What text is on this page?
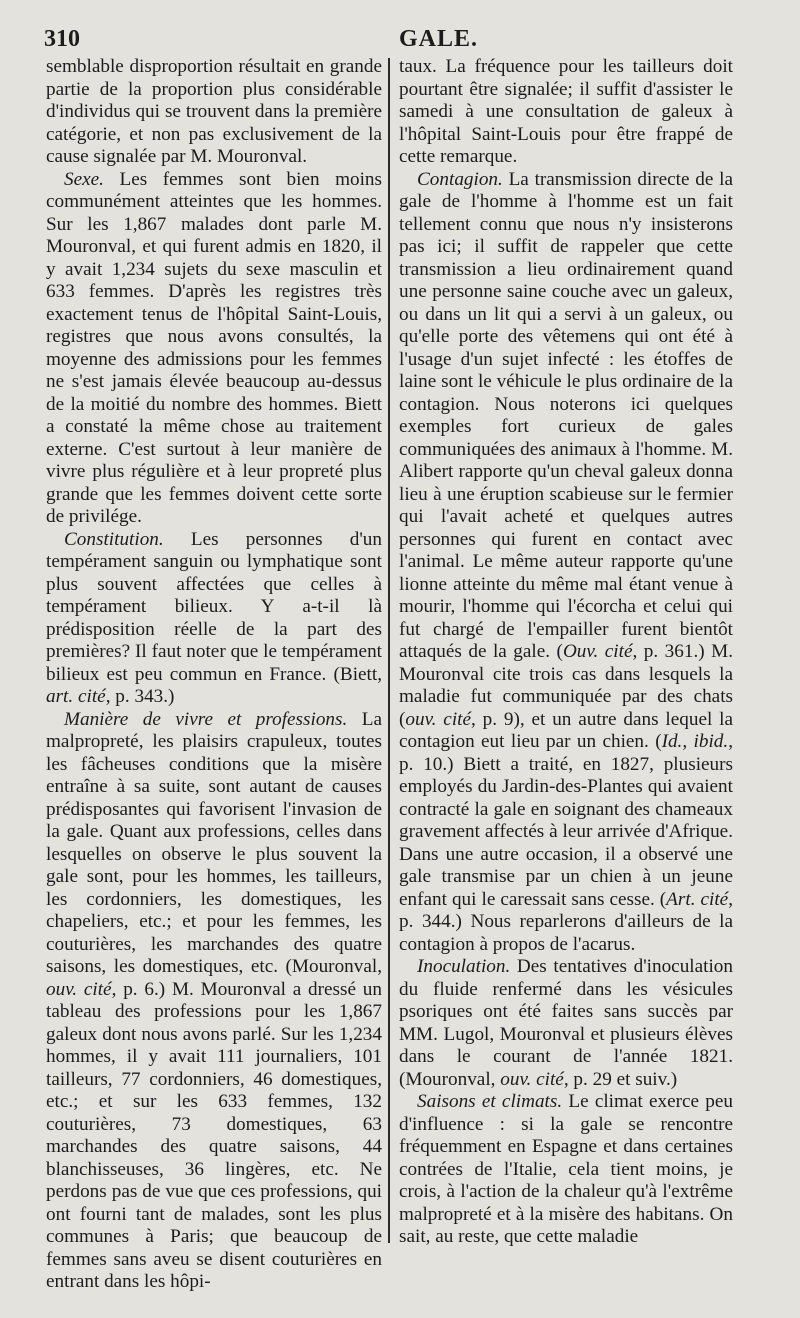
310	GALE.

semblable disproportion résultait en grande partie de la proportion plus considérable d'individus qui se trouvent dans la première catégorie, et non pas exclusivement de la cause signalée par M. Mouronval.

Sexe. Les femmes sont bien moins communément atteintes que les hommes. Sur les 1,867 malades dont parle M. Mouronval, et qui furent admis en 1820, il y avait 1,234 sujets du sexe masculin et 633 femmes. D'après les registres très exactement tenus de l'hôpital Saint-Louis, registres que nous avons consultés, la moyenne des admissions pour les femmes ne s'est jamais élevée beaucoup au-dessus de la moitié du nombre des hommes. Biett a constaté la même chose au traitement externe. C'est surtout à leur manière de vivre plus régulière et à leur propreté plus grande que les femmes doivent cette sorte de privilége.

Constitution. Les personnes d'un tempérament sanguin ou lymphatique sont plus souvent affectées que celles à tempérament bilieux. Y a-t-il là prédisposition réelle de la part des premières? Il faut noter que le tempérament bilieux est peu commun en France. (Biett, art. cité, p. 343.)

Manière de vivre et professions. La malpropreté, les plaisirs crapuleux, toutes les fâcheuses conditions que la misère entraîne à sa suite, sont autant de causes prédisposantes qui favorisent l'invasion de la gale. Quant aux professions, celles dans lesquelles on observe le plus souvent la gale sont, pour les hommes, les tailleurs, les cordonniers, les domestiques, les chapeliers, etc.; et pour les femmes, les couturières, les marchandes des quatre saisons, les domestiques, etc. (Mouronval, ouv. cité, p. 6.) M. Mouronval a dressé un tableau des professions pour les 1,867 galeux dont nous avons parlé. Sur les 1,234 hommes, il y avait 111 journaliers, 101 tailleurs, 77 cordonniers, 46 domestiques, etc.; et sur les 633 femmes, 132 couturières, 73 domestiques, 63 marchandes des quatre saisons, 44 blanchisseuses, 36 lingères, etc. Ne perdons pas de vue que ces professions, qui ont fourni tant de malades, sont les plus communes à Paris; que beaucoup de femmes sans aveu se disent couturières en entrant dans les hôpi-

taux. La fréquence pour les tailleurs doit pourtant être signalée; il suffit d'assister le samedi à une consultation de galeux à l'hôpital Saint-Louis pour être frappé de cette remarque.

Contagion. La transmission directe de la gale de l'homme à l'homme est un fait tellement connu que nous n'y insisterons pas ici; il suffit de rappeler que cette transmission a lieu ordinairement quand une personne saine couche avec un galeux, ou dans un lit qui a servi à un galeux, ou qu'elle porte des vêtemens qui ont été à l'usage d'un sujet infecté : les étoffes de laine sont le véhicule le plus ordinaire de la contagion. Nous noterons ici quelques exemples fort curieux de gales communiquées des animaux à l'homme. M. Alibert rapporte qu'un cheval galeux donna lieu à une éruption scabieuse sur le fermier qui l'avait acheté et quelques autres personnes qui furent en contact avec l'animal. Le même auteur rapporte qu'une lionne atteinte du même mal étant venue à mourir, l'homme qui l'écorcha et celui qui fut chargé de l'empailler furent bientôt attaqués de la gale. (Ouv. cité, p. 361.) M. Mouronval cite trois cas dans lesquels la maladie fut communiquée par des chats (ouv. cité, p. 9), et un autre dans lequel la contagion eut lieu par un chien. (Id., ibid., p. 10.) Biett a traité, en 1827, plusieurs employés du Jardin-des-Plantes qui avaient contracté la gale en soignant des chameaux gravement affectés à leur arrivée d'Afrique. Dans une autre occasion, il a observé une gale transmise par un chien à un jeune enfant qui le caressait sans cesse. (Art. cité, p. 344.) Nous reparlerons d'ailleurs de la contagion à propos de l'acarus.

Inoculation. Des tentatives d'inoculation du fluide renfermé dans les vésicules psoriques ont été faites sans succès par MM. Lugol, Mouronval et plusieurs élèves dans le courant de l'année 1821. (Mouronval, ouv. cité, p. 29 et suiv.)

Saisons et climats. Le climat exerce peu d'influence : si la gale se rencontre fréquemment en Espagne et dans certaines contrées de l'Italie, cela tient moins, je crois, à l'action de la chaleur qu'à l'extrême malpropreté et à la misère des habitans. On sait, au reste, que cette maladie
